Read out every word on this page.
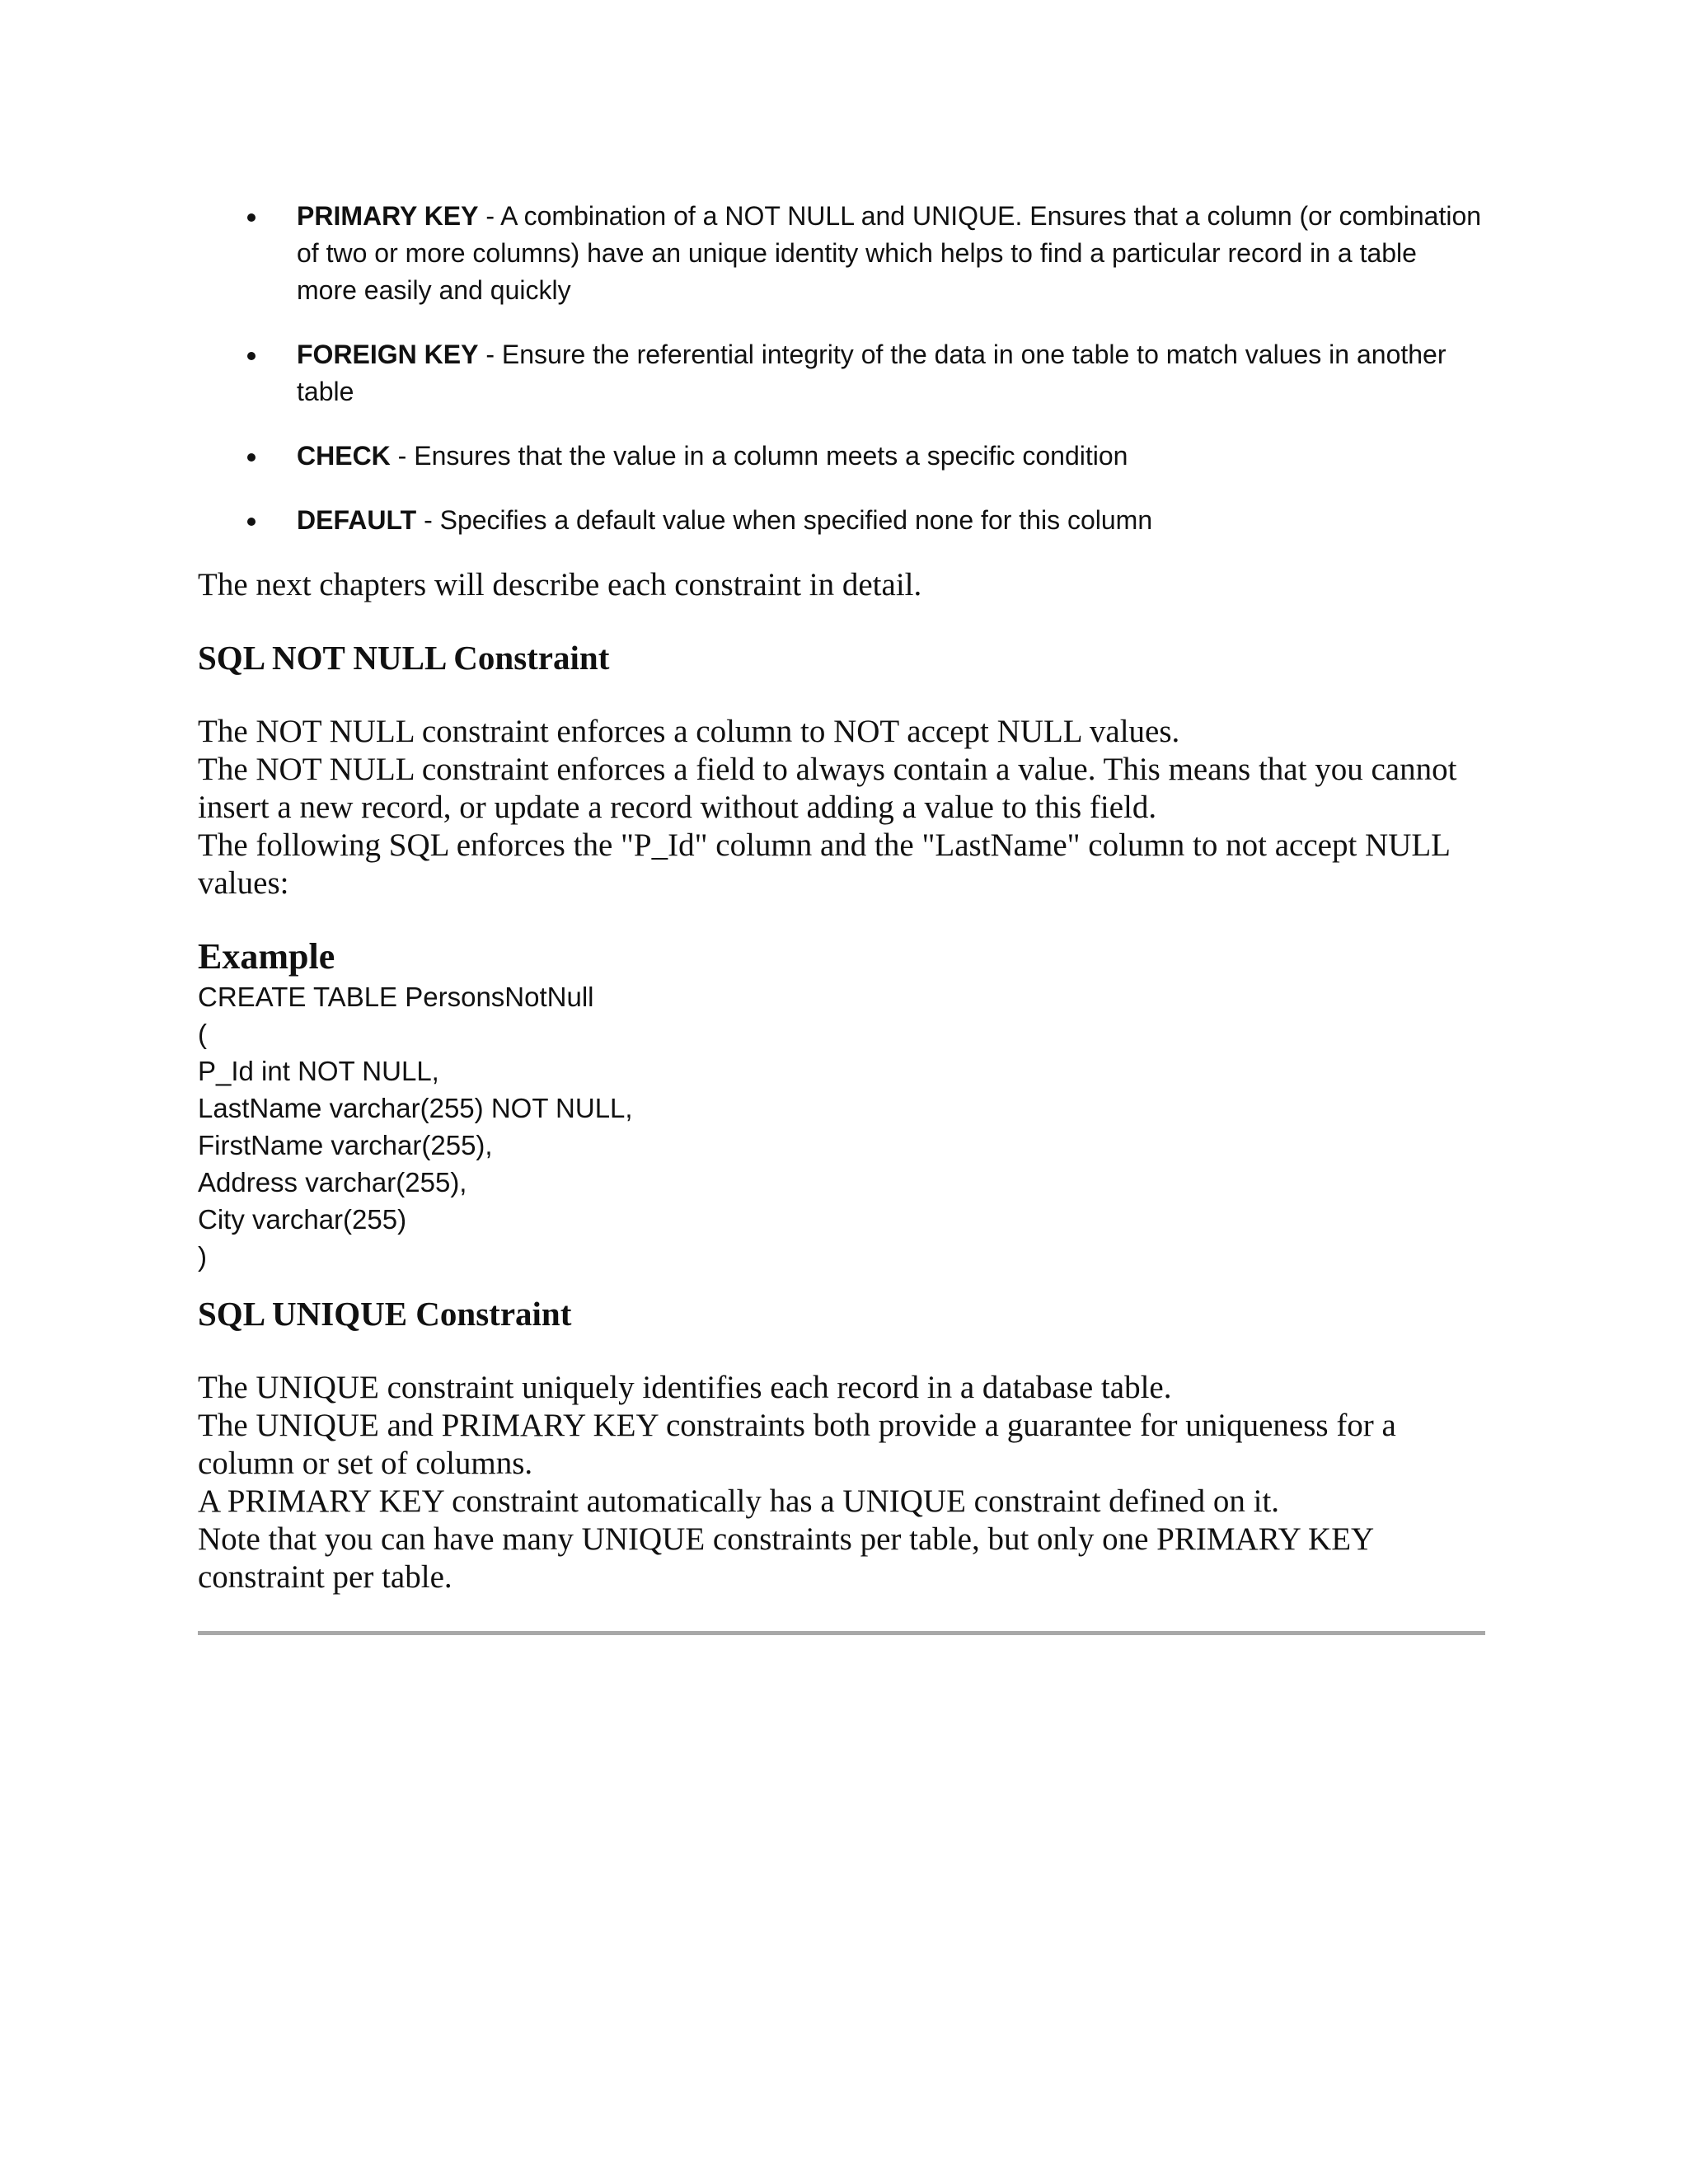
PRIMARY KEY - A combination of a NOT NULL and UNIQUE. Ensures that a column (or combination of two or more columns) have an unique identity which helps to find a particular record in a table more easily and quickly
FOREIGN KEY - Ensure the referential integrity of the data in one table to match values in another table
CHECK - Ensures that the value in a column meets a specific condition
DEFAULT - Specifies a default value when specified none for this column

The next chapters will describe each constraint in detail.

SQL NOT NULL Constraint

The NOT NULL constraint enforces a column to NOT accept NULL values.

The NOT NULL constraint enforces a field to always contain a value. This means that you cannot insert a new record, or update a record without adding a value to this field.

The following SQL enforces the "P_Id" column and the "LastName" column to not accept NULL values:

Example
CREATE TABLE PersonsNotNull
(
P_Id int NOT NULL,
LastName varchar(255) NOT NULL,
FirstName varchar(255),
Address varchar(255),
City varchar(255)
)
SQL UNIQUE Constraint

The UNIQUE constraint uniquely identifies each record in a database table.

The UNIQUE and PRIMARY KEY constraints both provide a guarantee for uniqueness for a column or set of columns.

A PRIMARY KEY constraint automatically has a UNIQUE constraint defined on it.

Note that you can have many UNIQUE constraints per table, but only one PRIMARY KEY constraint per table.
